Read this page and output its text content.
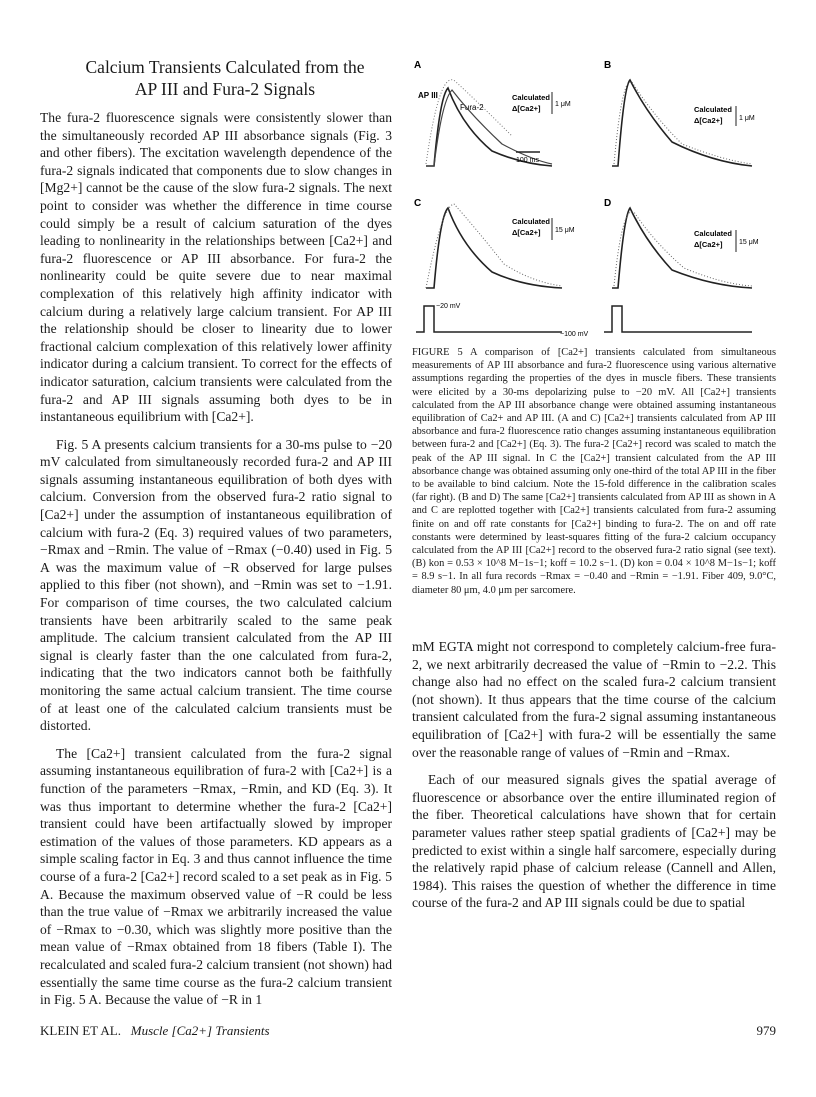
Calcium Transients Calculated from the
AP III and Fura-2 Signals

The fura-2 fluorescence signals were consistently slower than the simultaneously recorded AP III absorbance signals (Fig. 3 and other fibers). The excitation wavelength dependence of the fura-2 signals indicated that components due to slow changes in [Mg2+] cannot be the cause of the slow fura-2 signals. The next point to consider was whether the difference in time course could simply be a result of calcium saturation of the dyes leading to nonlinearity in the relationships between [Ca2+] and fura-2 fluorescence or AP III absorbance. For fura-2 the nonlinearity could be quite severe due to near maximal complexation of this relatively high affinity indicator with calcium during a relatively large calcium transient. For AP III the relationship should be closer to linearity due to lower fractional calcium complexation of this relatively lower affinity indicator during a calcium transient. To correct for the effects of indicator saturation, calcium transients were calculated from the fura-2 and AP III signals assuming both dyes to be in instantaneous equilibrium with [Ca2+].

Fig. 5 A presents calcium transients for a 30-ms pulse to −20 mV calculated from simultaneously recorded fura-2 and AP III signals assuming instantaneous equilibration of both dyes with calcium. Conversion from the observed fura-2 ratio signal to [Ca2+] under the assumption of instantaneous equilibration of calcium with fura-2 (Eq. 3) required values of two parameters, −Rmax and −Rmin. The value of −Rmax (−0.40) used in Fig. 5 A was the maximum value of −R observed for large pulses applied to this fiber (not shown), and −Rmin was set to −1.91. For comparison of time courses, the two calculated calcium transients have been arbitrarily scaled to the same peak amplitude. The calcium transient calculated from the AP III signal is clearly faster than the one calculated from fura-2, indicating that the two indicators cannot both be faithfully monitoring the same actual calcium transient. The time course of at least one of the calculated calcium transients must be distorted.

The [Ca2+] transient calculated from the fura-2 signal assuming instantaneous equilibration of fura-2 with [Ca2+] is a function of the parameters −Rmax, −Rmin, and KD (Eq. 3). It was thus important to determine whether the fura-2 [Ca2+] transient could have been artifactually slowed by improper estimation of the values of those parameters. KD appears as a simple scaling factor in Eq. 3 and thus cannot influence the time course of a fura-2 [Ca2+] record scaled to a set peak as in Fig. 5 A. Because the maximum observed value of −R could be less than the true value of −Rmax we arbitrarily increased the value of −Rmax to −0.30, which was slightly more positive than the mean value of −Rmax obtained from 18 fibers (Table I). The recalculated and scaled fura-2 calcium transient (not shown) had essentially the same time course as the fura-2 calcium transient in Fig. 5 A. Because the value of −R in 1

A
AP III
Fura-2
Calculated
Δ[Ca2+] 1 μM
100 ms
B
Calculated
Δ[Ca2+] 1 μM
C
Calculated
Δ[Ca2+] 15 μM
D
Calculated
Δ[Ca2+] 15 μM
−20 mV
−100 mV
FIGURE 5 A comparison of [Ca2+] transients calculated from simultaneous measurements of AP III absorbance and fura-2 fluorescence using various alternative assumptions regarding the properties of the dyes in muscle fibers. These transients were elicited by a 30-ms depolarizing pulse to −20 mV. All [Ca2+] transients calculated from the AP III absorbance change were obtained assuming instantaneous equilibration of Ca2+ and AP III. (A and C) [Ca2+] transients calculated from AP III absorbance and fura-2 fluorescence ratio changes assuming instantaneous equilibration between fura-2 and [Ca2+] (Eq. 3). The fura-2 [Ca2+] record was scaled to match the peak of the AP III signal. In C the [Ca2+] transient calculated from the AP III absorbance change was obtained assuming only one-third of the total AP III in the fiber to be available to bind calcium. Note the 15-fold difference in the calibration scales (far right). (B and D) The same [Ca2+] transients calculated from AP III as shown in A and C are replotted together with [Ca2+] transients calculated from fura-2 assuming finite on and off rate constants for [Ca2+] binding to fura-2. The on and off rate constants were determined by least-squares fitting of the fura-2 calcium occupancy calculated from the AP III [Ca2+] record to the observed fura-2 ratio signal (see text). (B) kon = 0.53 × 10^8 M−1s−1; koff = 10.2 s−1. (D) kon = 0.04 × 10^8 M−1s−1; koff = 8.9 s−1. In all fura records −Rmax = −0.40 and −Rmin = −1.91. Fiber 409, 9.0°C, diameter 80 μm, 4.0 μm per sarcomere.

mM EGTA might not correspond to completely calcium-free fura-2, we next arbitrarily decreased the value of −Rmin to −2.2. This change also had no effect on the scaled fura-2 calcium transient (not shown). It thus appears that the time course of the calcium transient calculated from the fura-2 signal assuming instantaneous equilibration of [Ca2+] with fura-2 will be essentially the same over the reasonable range of values of −Rmin and −Rmax.

Each of our measured signals gives the spatial average of fluorescence or absorbance over the entire illuminated region of the fiber. Theoretical calculations have shown that for certain parameter values rather steep spatial gradients of [Ca2+] may be predicted to exist within a single half sarcomere, especially during the relatively rapid phase of calcium release (Cannell and Allen, 1984). This raises the question of whether the difference in time course of the fura-2 and AP III signals could be due to spatial

KLEIN ET AL. Muscle [Ca2+] Transients	979
